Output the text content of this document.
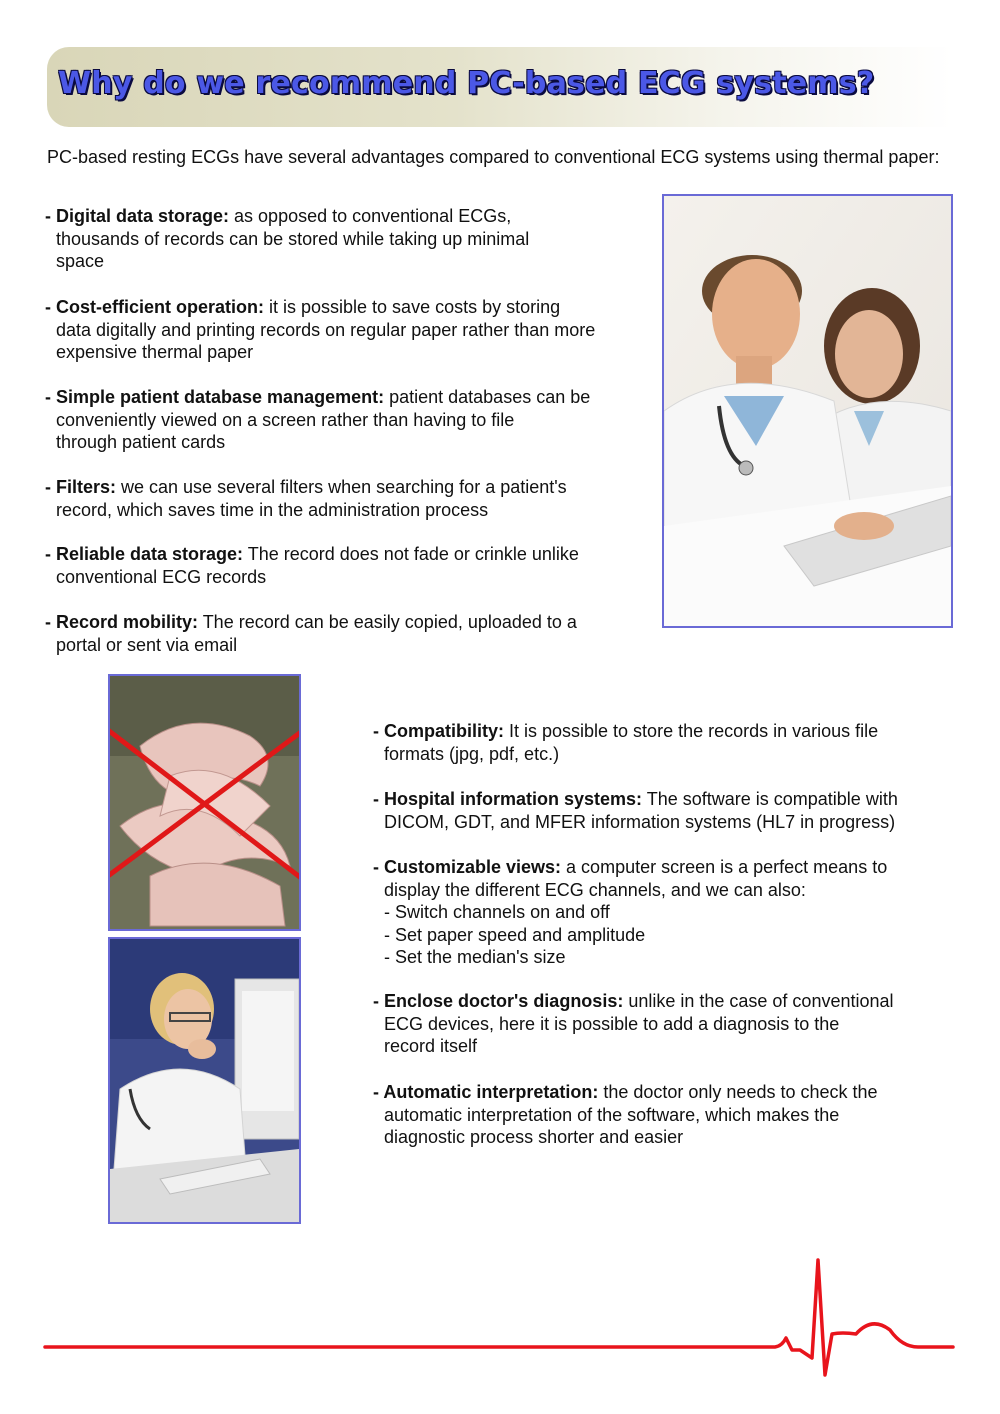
Why do we recommend PC-based ECG systems?

PC-based resting ECGs have several advantages compared to conventional ECG systems using thermal paper:

- Digital data storage: as opposed to conventional ECGs,
thousands of records can be stored while taking up minimal space

- Cost-efficient operation: it is possible to save costs by storing
data digitally and printing records on regular paper rather than more expensive thermal paper

- Simple patient database management: patient databases can be
conveniently viewed on a screen rather than having to file through patient cards

- Filters: we can use several filters when searching for a patient's
record, which saves time in the administration process

- Reliable data storage: The record does not fade or crinkle unlike
conventional ECG records

- Record mobility: The record can be easily copied, uploaded to a
portal or sent via email

- Compatibility: It is possible to store the records in various file
formats (jpg, pdf, etc.)

- Hospital information systems: The software is compatible with
DICOM, GDT, and MFER information systems (HL7 in progress)

- Customizable views: a computer screen is a perfect means to
display the different ECG channels, and we can also:
- Switch channels on and off
- Set paper speed and amplitude
- Set the median's size

- Enclose doctor's diagnosis: unlike in the case of conventional
ECG devices, here it is possible to add a diagnosis to the record itself

- Automatic interpretation: the doctor only needs to check the
automatic interpretation of the software, which makes the diagnostic process shorter and easier
